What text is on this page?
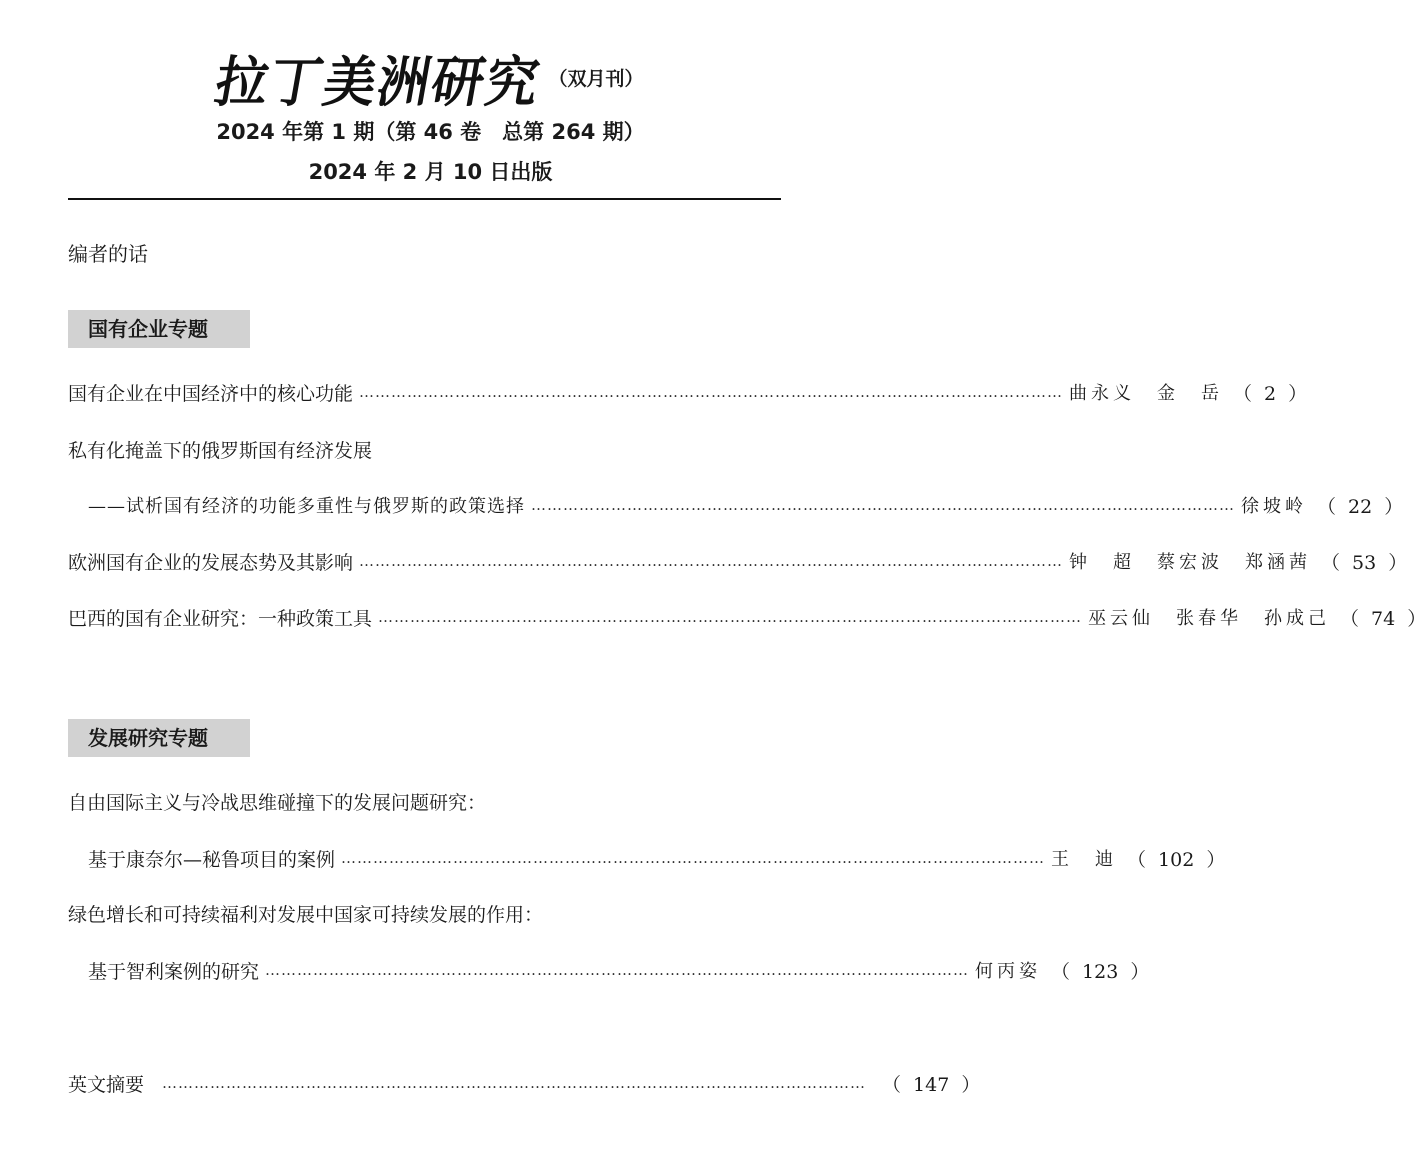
拉丁美洲研究 （双月刊）
2024 年第 1 期（第 46 卷　总第 264 期）
2024 年 2 月 10 日出版
编者的话
国有企业专题
国有企业在中国经济中的核心功能 …………………………………………………………………………………………………………………… 曲永义　金　岳 （ 2 ）
私有化掩盖下的俄罗斯国有经济发展
——试析国有经济的功能多重性与俄罗斯的政策选择 …………………………………………………………………………………………………………………… 徐坡岭 （ 22 ）
欧洲国有企业的发展态势及其影响 …………………………………………………………………………………………………………………… 钟　超　蔡宏波　郑涵茜 （ 53 ）
巴西的国有企业研究：一种政策工具 …………………………………………………………………………………………………………………… 巫云仙　张春华　孙成己 （ 74 ）
发展研究专题
自由国际主义与冷战思维碰撞下的发展问题研究：
基于康奈尔—秘鲁项目的案例 …………………………………………………………………………………………………………………… 王　迪 （ 102 ）
绿色增长和可持续福利对发展中国家可持续发展的作用：
基于智利案例的研究 …………………………………………………………………………………………………………………… 何丙姿 （ 123 ）
英文摘要 …………………………………………………………………………………………………………………… （ 147 ）
